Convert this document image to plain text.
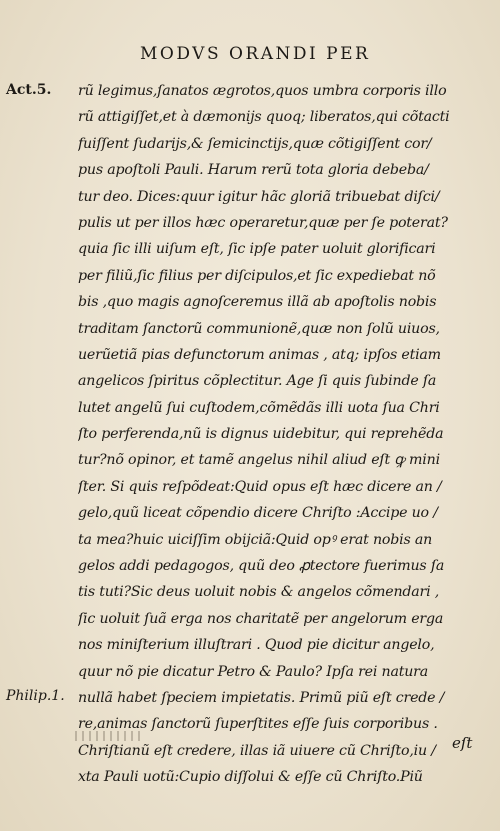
MODVS ORANDI PER
Act.5.
Philip.1.
rũ legimus,ſanatos ægrotos,quos umbra corporis illo
rũ attigiſſet,et à dæmonijs quoq; liberatos,qui cõtacti
fuiſſent ſudarijs,& ſemicinctijs,quæ cõtigiſſent cor/
pus apoſtoli Pauli. Harum rerũ tota gloria debeba/
tur deo. Dices:quur igitur hãc gloriã tribuebat diſci/
pulis ut per illos hæc operaretur,quæ per ſe poterat?
quia ſic illi uiſum eſt, ſic ipſe pater uoluit glorificari
per filiũ,ſic filius per diſcipulos,et ſic expediebat nõ
bis ,quo magis agnoſceremus illã ab apoſtolis nobis
traditam ſanctorũ communionẽ,quæ non ſolũ uiuos,
uerũetiã pias defunctorum animas , atq; ipſos etiam
angelicos ſpiritus cõplectitur. Age ſi quis ſubinde ſa
lutet angelũ ſui cuſtodem,cõmẽdãs illi uota ſua Chri
ſto perferenda,nũ is dignus uidebitur, qui reprehẽda
tur?nõ opinor, et tamẽ angelus nihil aliud eſt ꝙ mini
ſter. Si quis reſpõdeat:Quid opus eſt hæc dicere an /
gelo,quũ liceat cõpendio dicere Chriſto :Accipe uo /
ta mea?huic uiciſſim obijciã:Quid opꝰ erat nobis an
gelos addi pedagogos, quũ deo ꝓtectore fuerimus ſa
tis tuti?Sic deus uoluit nobis & angelos cõmendari ,
ſic uoluit ſuã erga nos charitatẽ per angelorum erga
nos miniſterium illuſtrari . Quod pie dicitur angelo,
quur nõ pie dicatur Petro & Paulo? Ipſa rei natura
nullã habet ſpeciem impietatis. Primũ piũ eſt crede /
re,animas ſanctorũ ſuperſtites eſſe ſuis corporibus .
Chriſtianũ eſt credere, illas iã uiuere cũ Chriſto,iu /
xta Pauli uotũ:Cupio diſſolui & eſſe cũ Chriſto.Piũ
eſt
